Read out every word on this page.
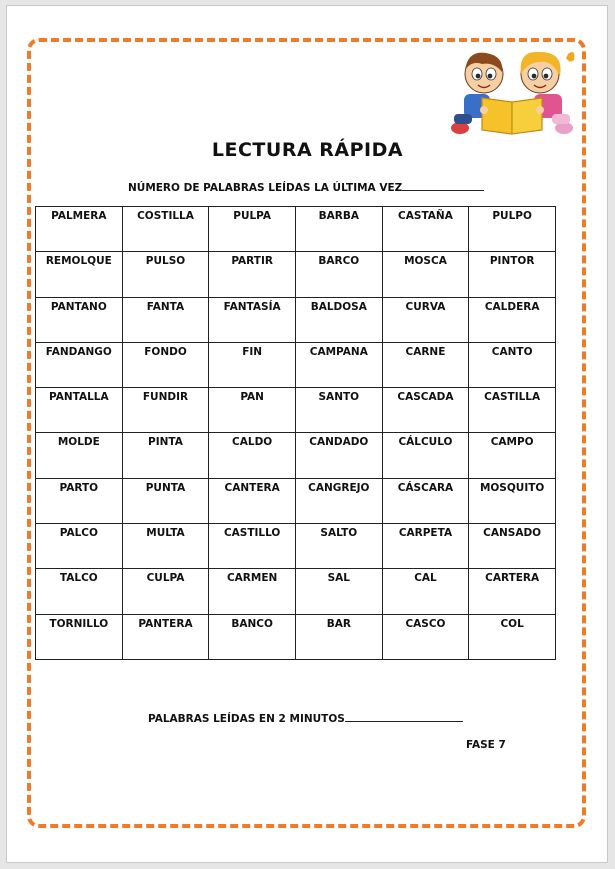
LECTURA RÁPIDA
NÚMERO DE PALABRAS LEÍDAS LA ÚLTIMA VEZ
PALMERA	COSTILLA	PULPA	BARBA	CASTAÑA	PULPO
REMOLQUE	PULSO	PARTIR	BARCO	MOSCA	PINTOR
PANTANO	FANTA	FANTASÍA	BALDOSA	CURVA	CALDERA
FANDANGO	FONDO	FIN	CAMPANA	CARNE	CANTO
PANTALLA	FUNDIR	PAN	SANTO	CASCADA	CASTILLA
MOLDE	PINTA	CALDO	CANDADO	CÁLCULO	CAMPO
PARTO	PUNTA	CANTERA	CANGREJO	CÁSCARA	MOSQUITO
PALCO	MULTA	CASTILLO	SALTO	CARPETA	CANSADO
TALCO	CULPA	CARMEN	SAL	CAL	CARTERA
TORNILLO	PANTERA	BANCO	BAR	CASCO	COL
PALABRAS LEÍDAS EN 2 MINUTOS
FASE 7
